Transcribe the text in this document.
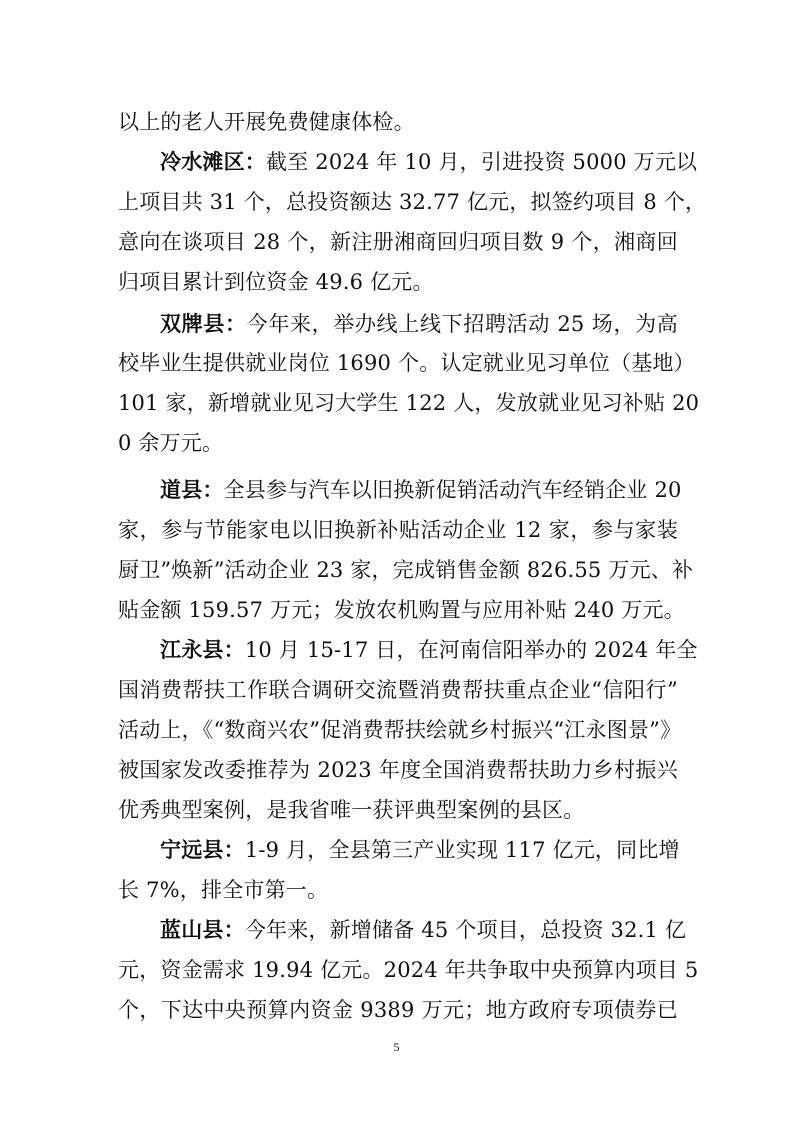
以上的老人开展免费健康体检。
冷水滩区：截至 2024 年 10 月，引进投资 5000 万元以
上项目共 31 个，总投资额达 32.77 亿元，拟签约项目 8 个，
意向在谈项目 28 个，新注册湘商回归项目数 9 个，湘商回
归项目累计到位资金 49.6 亿元。
双牌县：今年来，举办线上线下招聘活动 25 场，为高
校毕业生提供就业岗位 1690 个。认定就业见习单位（基地）
101 家，新增就业见习大学生 122 人，发放就业见习补贴 20
0 余万元。
道县：全县参与汽车以旧换新促销活动汽车经销企业 20
家，参与节能家电以旧换新补贴活动企业 12 家，参与家装
厨卫”焕新”活动企业 23 家，完成销售金额 826.55 万元、补
贴金额 159.57 万元；发放农机购置与应用补贴 240 万元。
江永县：10 月 15-17 日，在河南信阳举办的 2024 年全
国消费帮扶工作联合调研交流暨消费帮扶重点企业“信阳行”
活动上，《“数商兴农”促消费帮扶绘就乡村振兴“江永图景”》
被国家发改委推荐为 2023 年度全国消费帮扶助力乡村振兴
优秀典型案例，是我省唯一获评典型案例的县区。
宁远县：1-9 月，全县第三产业实现 117 亿元，同比增
长 7%，排全市第一。
蓝山县：今年来，新增储备 45 个项目，总投资 32.1 亿
元，资金需求 19.94 亿元。2024 年共争取中央预算内项目 5
个，下达中央预算内资金 9389 万元；地方政府专项债券已
5
